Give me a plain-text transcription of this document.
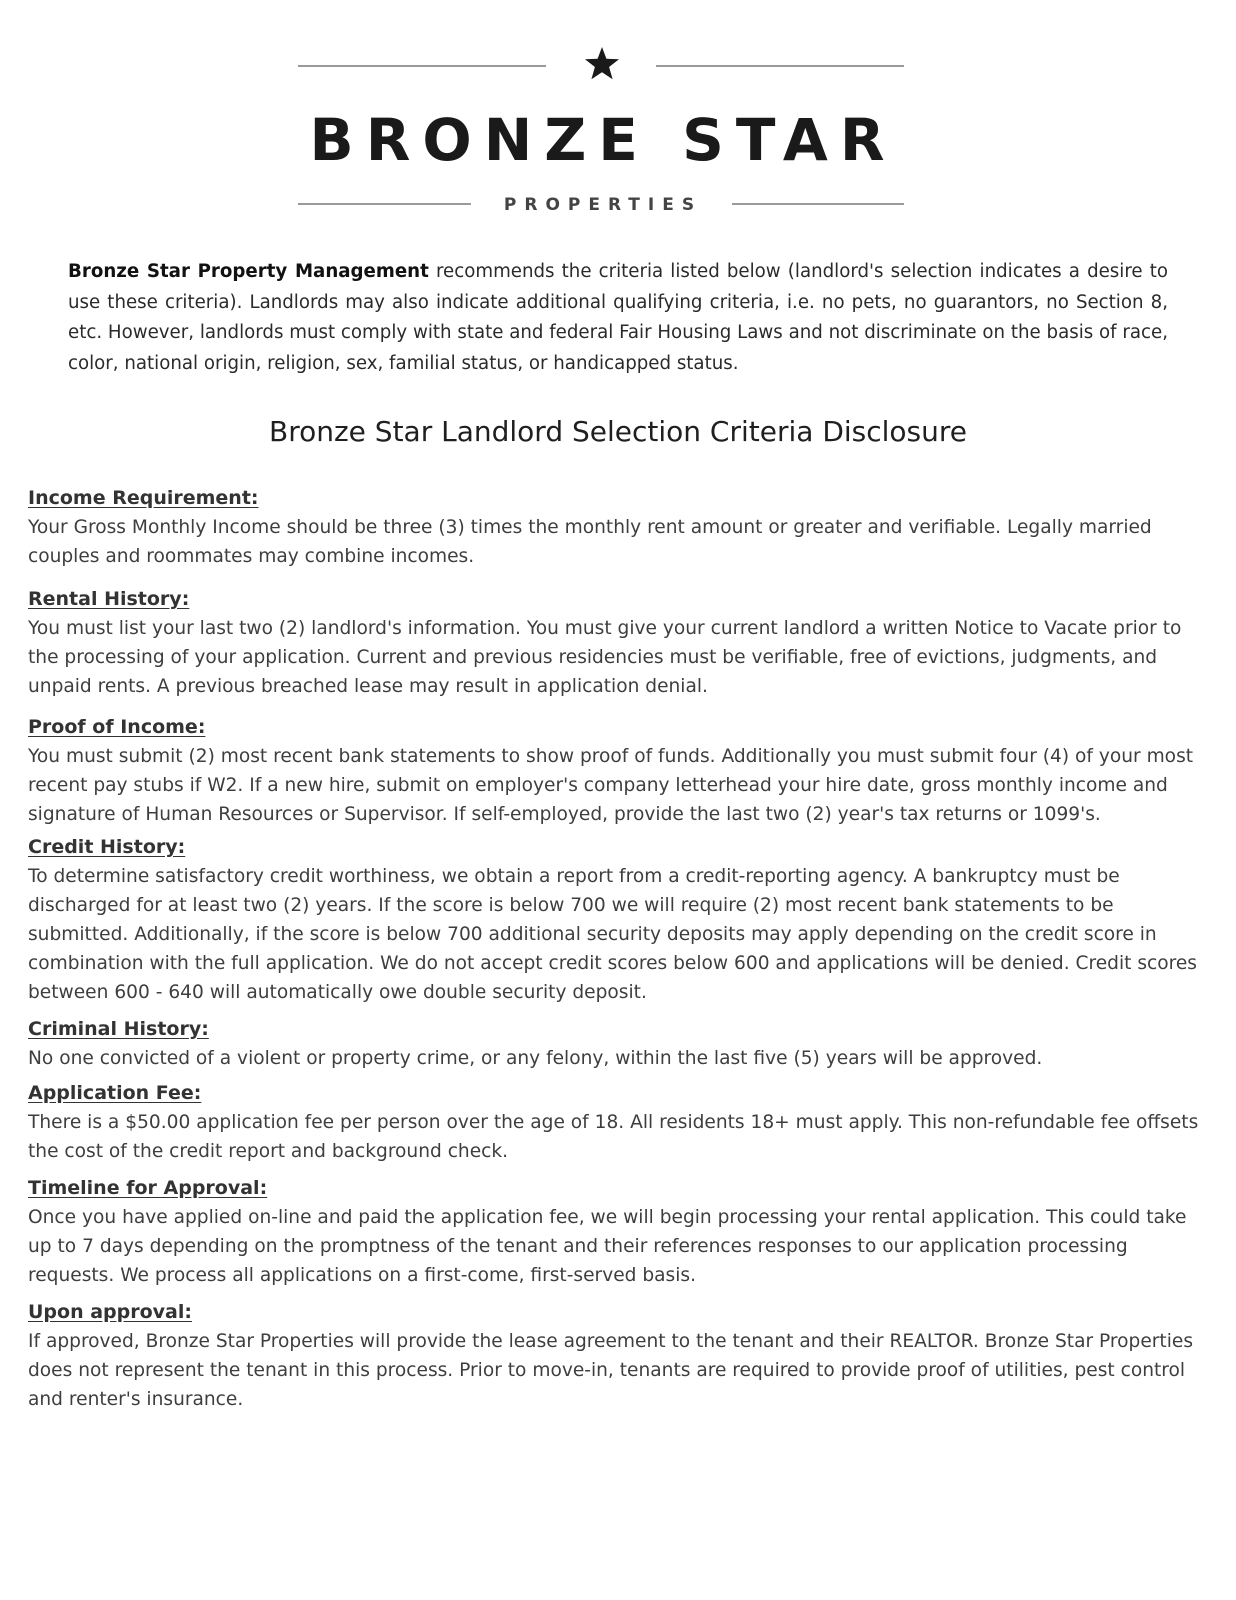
BRONZE STAR
PROPERTIES
Bronze Star Property Management recommends the criteria listed below (landlord's selection indicates a desire to use these criteria). Landlords may also indicate additional qualifying criteria, i.e. no pets, no guarantors, no Section 8, etc. However, landlords must comply with state and federal Fair Housing Laws and not discriminate on the basis of race, color, national origin, religion, sex, familial status, or handicapped status.
Bronze Star Landlord Selection Criteria Disclosure
Income Requirement:

Your Gross Monthly Income should be three (3) times the monthly rent amount or greater and verifiable. Legally married couples and roommates may combine incomes.

Rental History:

You must list your last two (2) landlord's information. You must give your current landlord a written Notice to Vacate prior to the processing of your application. Current and previous residencies must be verifiable, free of evictions, judgments, and unpaid rents. A previous breached lease may result in application denial.

Proof of Income:

You must submit (2) most recent bank statements to show proof of funds. Additionally you must submit four (4) of your most recent pay stubs if W2. If a new hire, submit on employer's company letterhead your hire date, gross monthly income and signature of Human Resources or Supervisor. If self-employed, provide the last two (2) year's tax returns or 1099's.

Credit History:

To determine satisfactory credit worthiness, we obtain a report from a credit-reporting agency. A bankruptcy must be discharged for at least two (2) years. If the score is below 700 we will require (2) most recent bank statements to be submitted. Additionally, if the score is below 700 additional security deposits may apply depending on the credit score in combination with the full application. We do not accept credit scores below 600 and applications will be denied. Credit scores between 600 - 640 will automatically owe double security deposit.

Criminal History:

No one convicted of a violent or property crime, or any felony, within the last five (5) years will be approved.

Application Fee:

There is a $50.00 application fee per person over the age of 18. All residents 18+ must apply. This non-refundable fee offsets the cost of the credit report and background check.

Timeline for Approval:

Once you have applied on-line and paid the application fee, we will begin processing your rental application. This could take up to 7 days depending on the promptness of the tenant and their references responses to our application processing requests. We process all applications on a first-come, first-served basis.

Upon approval:

If approved, Bronze Star Properties will provide the lease agreement to the tenant and their REALTOR. Bronze Star Properties does not represent the tenant in this process. Prior to move-in, tenants are required to provide proof of utilities, pest control and renter's insurance.
